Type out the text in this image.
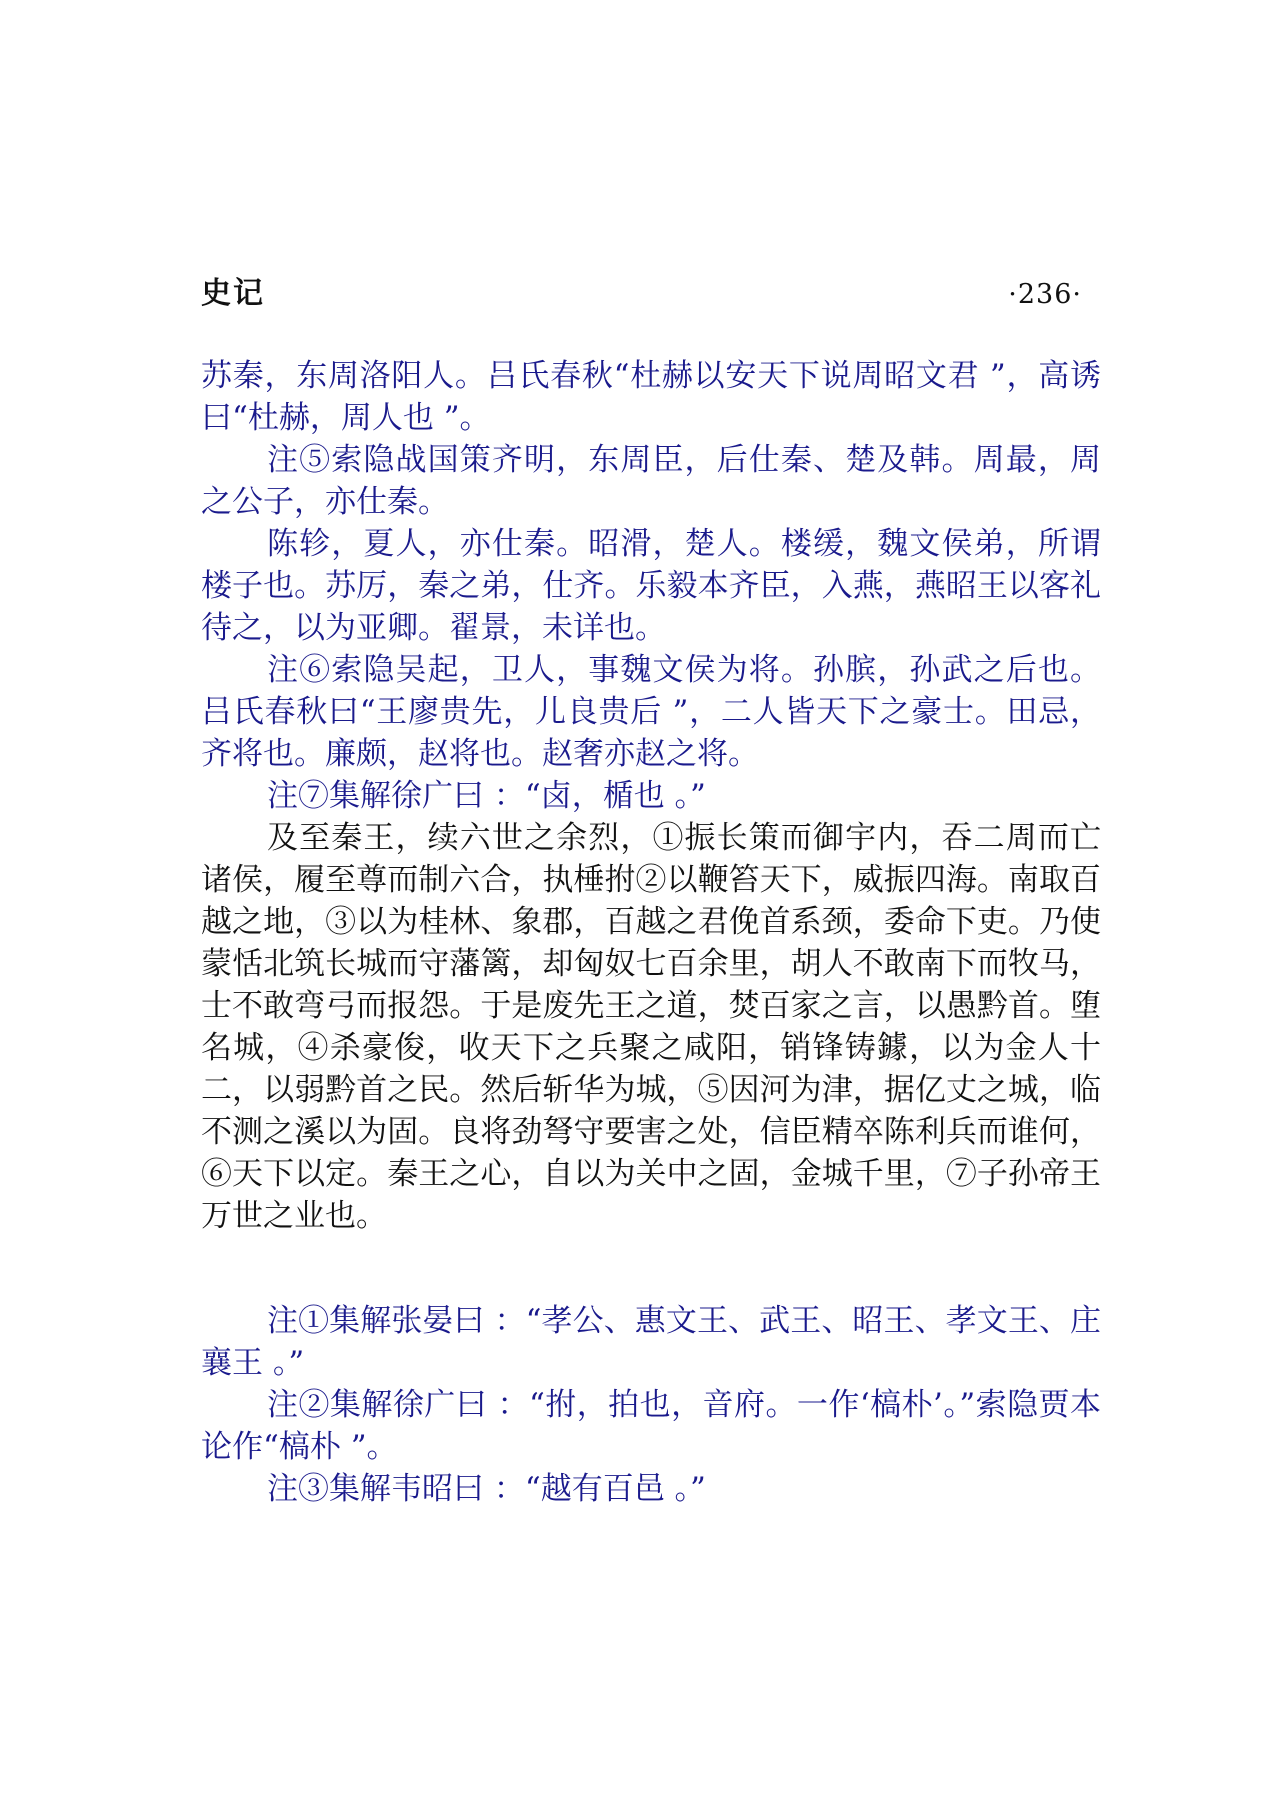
史记	·236·

苏秦，东周洛阳人。吕氏春秋“杜赫以安天下说周昭文君 ”，高诱曰“杜赫，周人也 ”。

注⑤索隐战国策齐明，东周臣，后仕秦、楚及韩。周最，周之公子，亦仕秦。

陈轸，夏人，亦仕秦。昭滑，楚人。楼缓，魏文侯弟，所谓楼子也。苏厉，秦之弟，仕齐。乐毅本齐臣，入燕，燕昭王以客礼待之，以为亚卿。翟景，未详也。

注⑥索隐吴起，卫人，事魏文侯为将。孙膑，孙武之后也。吕氏春秋曰“王廖贵先，儿良贵后 ”，二人皆天下之豪士。田忌，齐将也。廉颇，赵将也。赵奢亦赵之将。

注⑦集解徐广曰 ：“卤，楯也 。”

及至秦王，续六世之余烈，①振长策而御宇内，吞二周而亡诸侯，履至尊而制六合，执棰拊②以鞭笞天下，威振四海。南取百越之地，③以为桂林、象郡，百越之君俛首系颈，委命下吏。乃使蒙恬北筑长城而守藩篱，却匈奴七百余里，胡人不敢南下而牧马，士不敢弯弓而报怨。于是废先王之道，焚百家之言，以愚黔首。堕名城，④杀豪俊，收天下之兵聚之咸阳，销锋铸鐻，以为金人十二，以弱黔首之民。然后斩华为城，⑤因河为津，据亿丈之城，临不测之溪以为固。良将劲弩守要害之处，信臣精卒陈利兵而谁何，⑥天下以定。秦王之心，自以为关中之固，金城千里，⑦子孙帝王万世之业也。

注①集解张晏曰 ：“孝公、惠文王、武王、昭王、孝文王、庄襄王 。”

注②集解徐广曰 ：“拊，拍也，音府。一作‘槁朴’。”索隐贾本论作“槁朴 ”。

注③集解韦昭曰 ：“越有百邑 。”
